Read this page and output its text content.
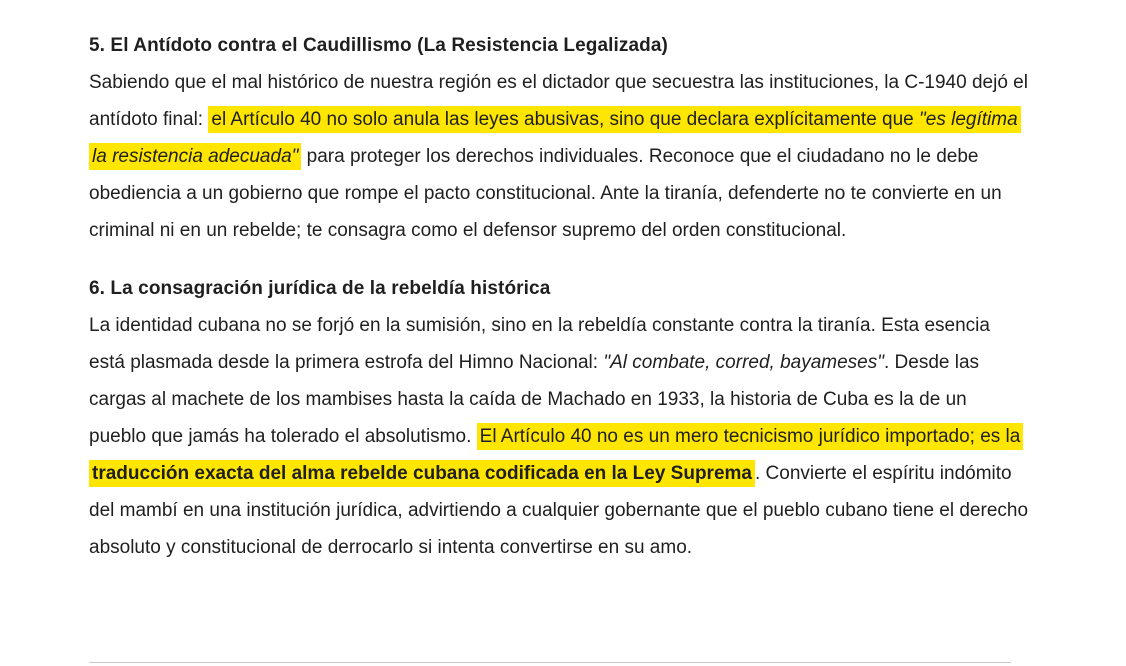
5. El Antídoto contra el Caudillismo (La Resistencia Legalizada)

Sabiendo que el mal histórico de nuestra región es el dictador que secuestra las instituciones, la C-1940 dejó el antídoto final: el Artículo 40 no solo anula las leyes abusivas, sino que declara explícitamente que "es legítima la resistencia adecuada" para proteger los derechos individuales. Reconoce que el ciudadano no le debe obediencia a un gobierno que rompe el pacto constitucional. Ante la tiranía, defenderte no te convierte en un criminal ni en un rebelde; te consagra como el defensor supremo del orden constitucional.

6. La consagración jurídica de la rebeldía histórica

La identidad cubana no se forjó en la sumisión, sino en la rebeldía constante contra la tiranía. Esta esencia está plasmada desde la primera estrofa del Himno Nacional: "Al combate, corred, bayameses". Desde las cargas al machete de los mambises hasta la caída de Machado en 1933, la historia de Cuba es la de un pueblo que jamás ha tolerado el absolutismo. El Artículo 40 no es un mero tecnicismo jurídico importado; es la traducción exacta del alma rebelde cubana codificada en la Ley Suprema . Convierte el espíritu indómito del mambí en una institución jurídica, advirtiendo a cualquier gobernante que el pueblo cubano tiene el derecho absoluto y constitucional de derrocarlo si intenta convertirse en su amo.
